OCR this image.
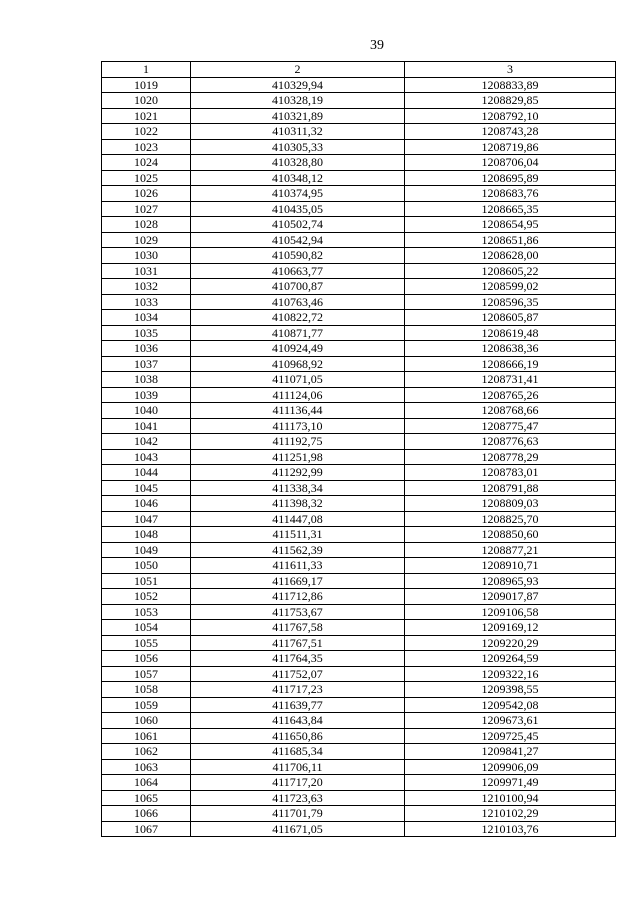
39
1	2	3
1019	410329,94	1208833,89
1020	410328,19	1208829,85
1021	410321,89	1208792,10
1022	410311,32	1208743,28
1023	410305,33	1208719,86
1024	410328,80	1208706,04
1025	410348,12	1208695,89
1026	410374,95	1208683,76
1027	410435,05	1208665,35
1028	410502,74	1208654,95
1029	410542,94	1208651,86
1030	410590,82	1208628,00
1031	410663,77	1208605,22
1032	410700,87	1208599,02
1033	410763,46	1208596,35
1034	410822,72	1208605,87
1035	410871,77	1208619,48
1036	410924,49	1208638,36
1037	410968,92	1208666,19
1038	411071,05	1208731,41
1039	411124,06	1208765,26
1040	411136,44	1208768,66
1041	411173,10	1208775,47
1042	411192,75	1208776,63
1043	411251,98	1208778,29
1044	411292,99	1208783,01
1045	411338,34	1208791,88
1046	411398,32	1208809,03
1047	411447,08	1208825,70
1048	411511,31	1208850,60
1049	411562,39	1208877,21
1050	411611,33	1208910,71
1051	411669,17	1208965,93
1052	411712,86	1209017,87
1053	411753,67	1209106,58
1054	411767,58	1209169,12
1055	411767,51	1209220,29
1056	411764,35	1209264,59
1057	411752,07	1209322,16
1058	411717,23	1209398,55
1059	411639,77	1209542,08
1060	411643,84	1209673,61
1061	411650,86	1209725,45
1062	411685,34	1209841,27
1063	411706,11	1209906,09
1064	411717,20	1209971,49
1065	411723,63	1210100,94
1066	411701,79	1210102,29
1067	411671,05	1210103,76
